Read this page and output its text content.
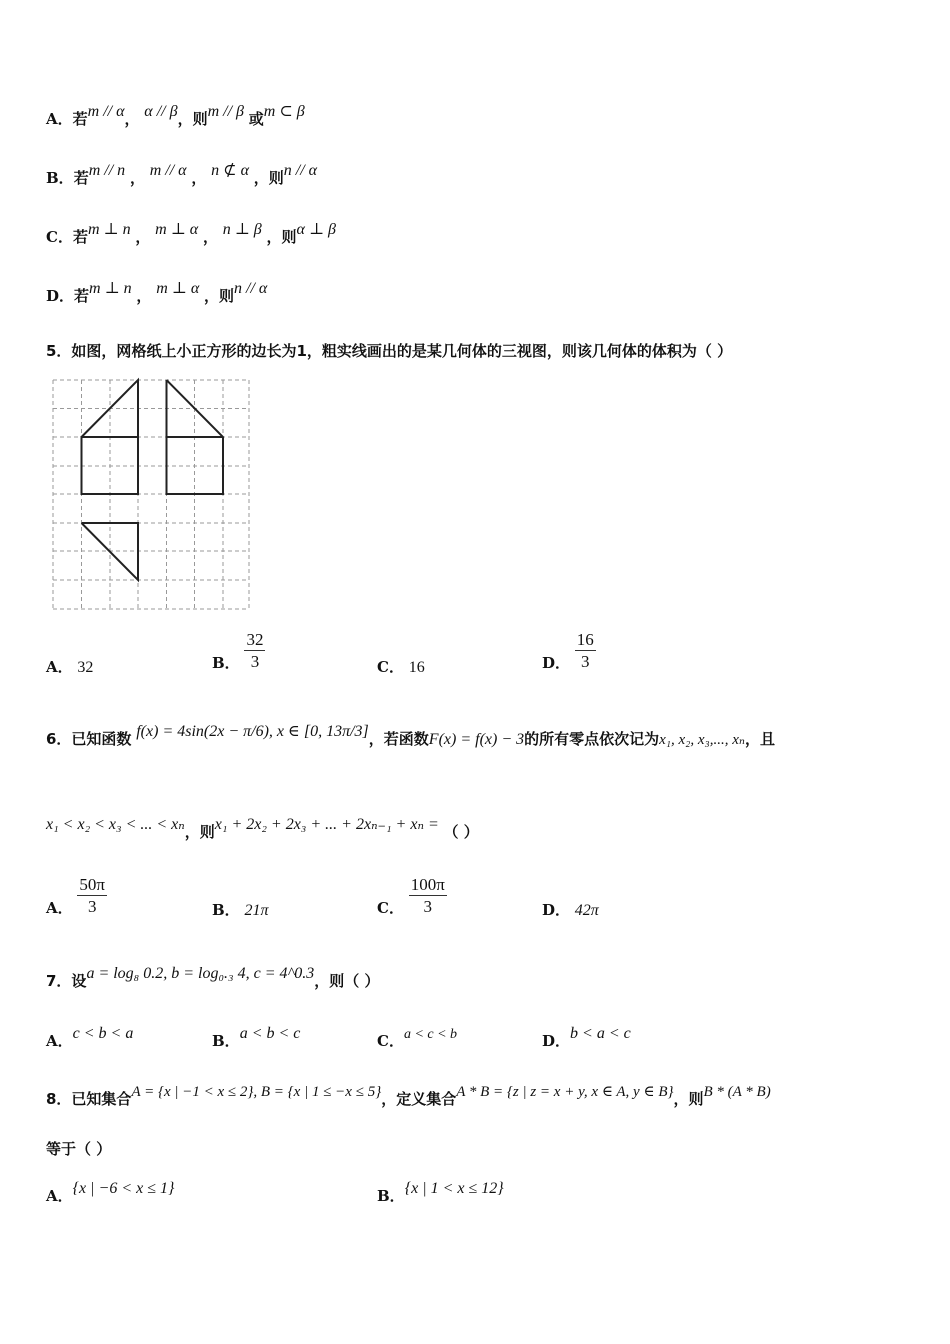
A．若m // α， α // β，则m // β 或m ⊂ β
B．若m // n ， m // α ， n ⊄ α ，则n // α
C．若m ⊥ n ， m ⊥ α ， n ⊥ β ，则α ⊥ β
D．若m ⊥ n ， m ⊥ α ，则n // α
5．如图，网格纸上小正方形的边长为1，粗实线画出的是某几何体的三视图，则该几何体的体积为（ ）
A． 32	B． $\frac{32}{3}$	C． 16	D． $\frac{16}{3}$
6．已知函数 f(x) = 4sin(2x − π/6), x ∈ [0, 13π/3]，若函数F(x) = f(x) − 3的所有零点依次记为x₁, x₂, x₃,..., xₙ，且
x₁ < x₂ < x₃ < ... < xₙ，则x₁ + 2x₂ + 2x₃ + ... + 2xₙ₋₁ + xₙ = （ ）
A． $\frac{50\pi}{3}$	B． 21π	C． $\frac{100\pi}{3}$	D． 42π
7．设a = log₈ 0.2, b = log₀.₃ 4, c = 4^0.3，则（ ）
A．c < b < a	B．a < b < c	C．a < c < b	D．b < a < c
8．已知集合A = {x | −1 < x ≤ 2}, B = {x | 1 ≤ −x ≤ 5}，定义集合A * B = {z | z = x + y, x ∈ A, y ∈ B}，则B * (A * B)
等于（ ）
A．{x | −6 < x ≤ 1}	B．{x | 1 < x ≤ 12}
